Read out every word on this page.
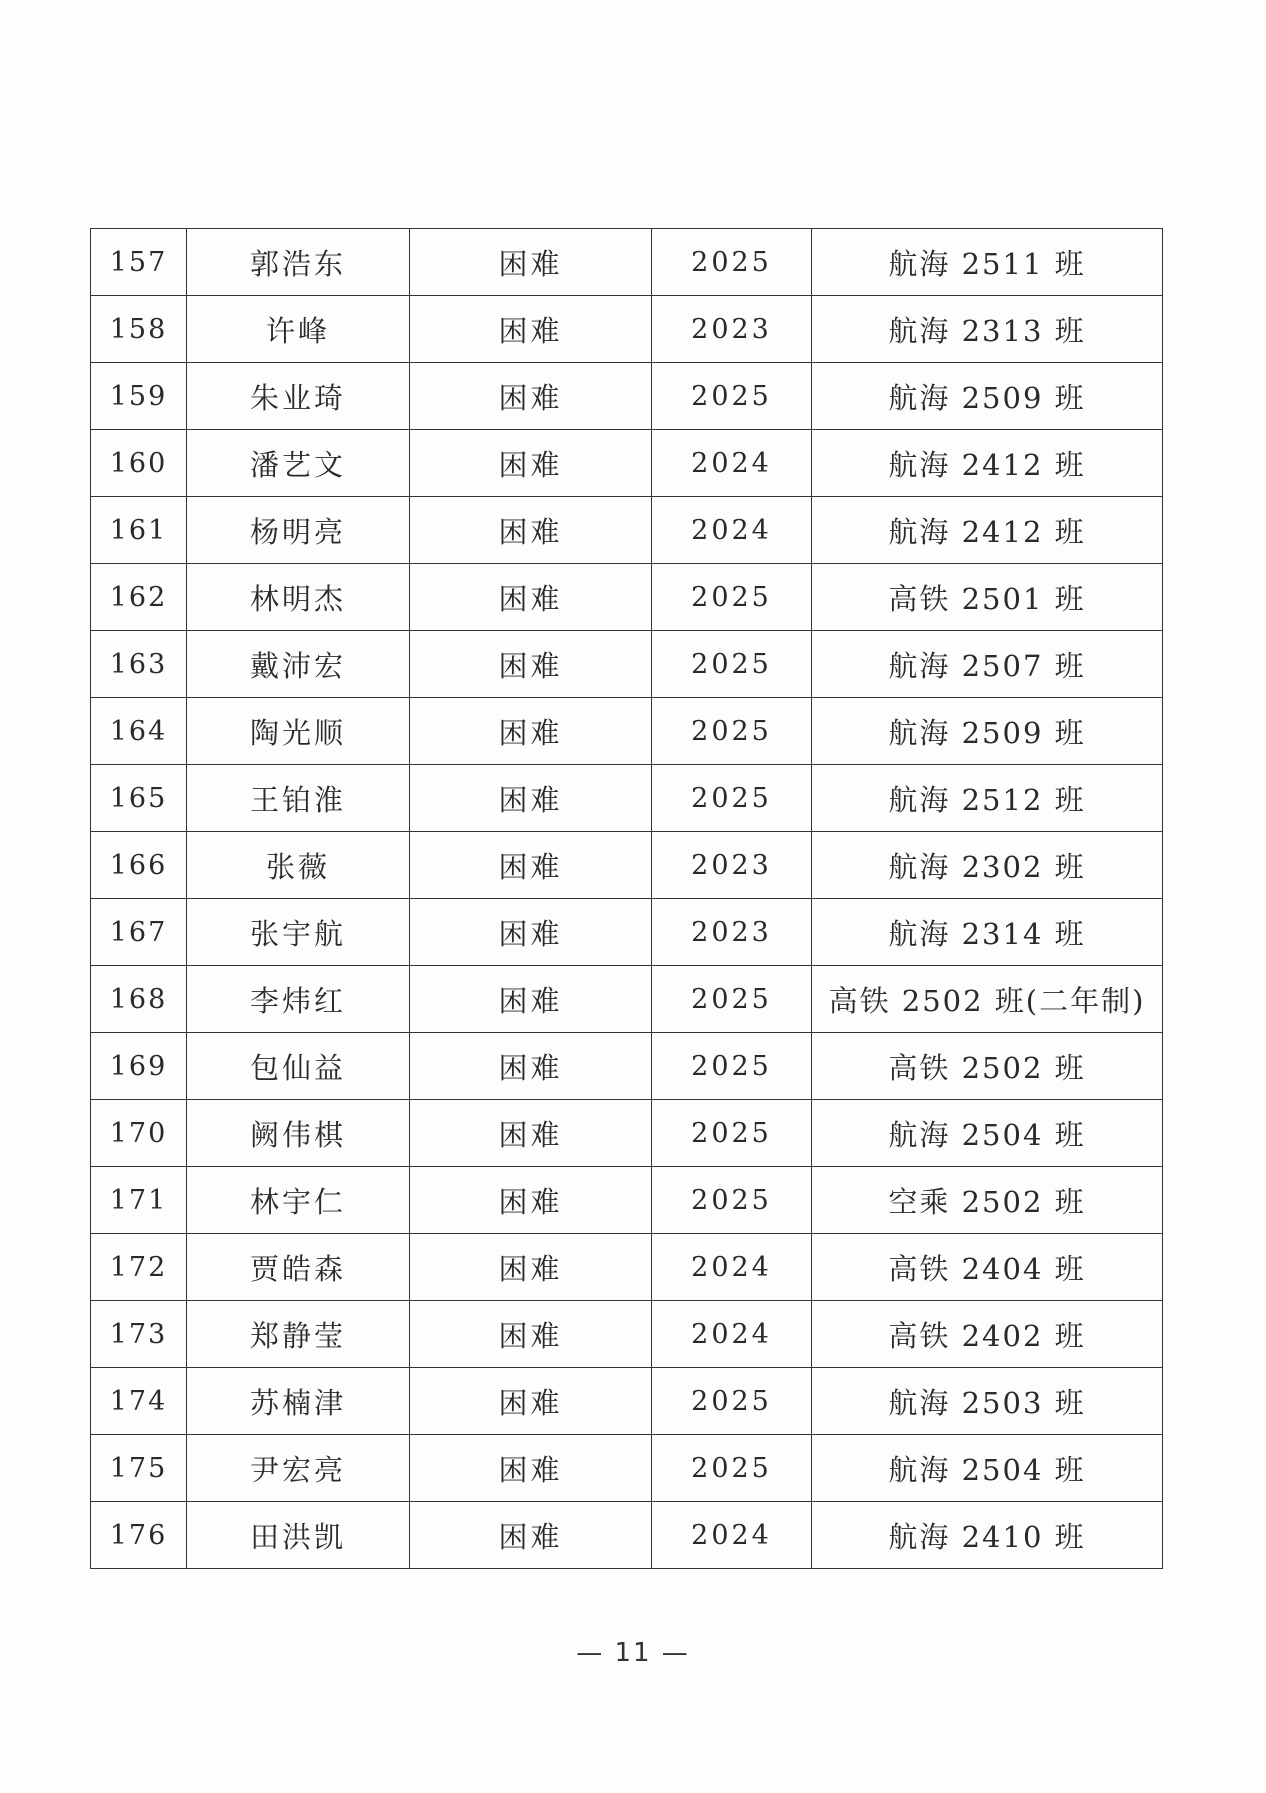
157	郭浩东	困难	2025	航海 2511 班
158	许峰	困难	2023	航海 2313 班
159	朱业琦	困难	2025	航海 2509 班
160	潘艺文	困难	2024	航海 2412 班
161	杨明亮	困难	2024	航海 2412 班
162	林明杰	困难	2025	高铁 2501 班
163	戴沛宏	困难	2025	航海 2507 班
164	陶光顺	困难	2025	航海 2509 班
165	王铂淮	困难	2025	航海 2512 班
166	张薇	困难	2023	航海 2302 班
167	张宇航	困难	2023	航海 2314 班
168	李炜红	困难	2025	高铁 2502 班(二年制)
169	包仙益	困难	2025	高铁 2502 班
170	阙伟棋	困难	2025	航海 2504 班
171	林宇仁	困难	2025	空乘 2502 班
172	贾皓森	困难	2024	高铁 2404 班
173	郑静莹	困难	2024	高铁 2402 班
174	苏楠津	困难	2025	航海 2503 班
175	尹宏亮	困难	2025	航海 2504 班
176	田洪凯	困难	2024	航海 2410 班
— 11 —
